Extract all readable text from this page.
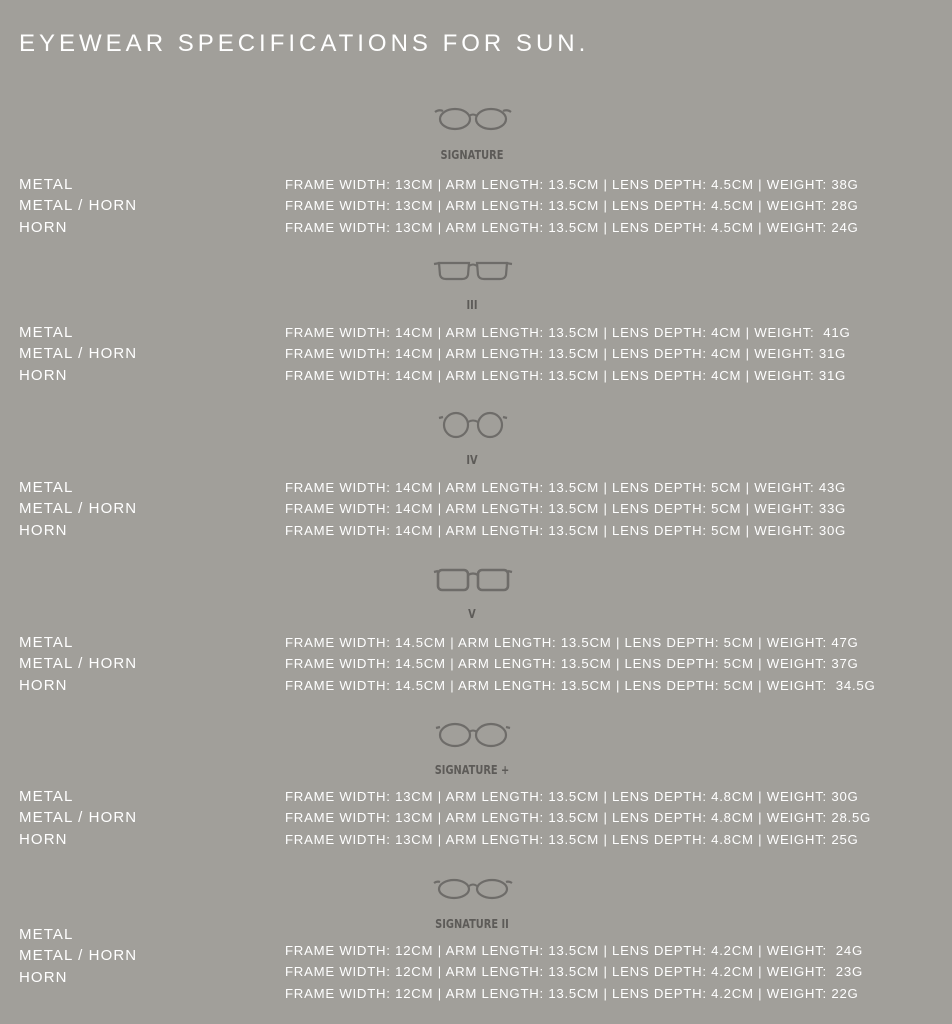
EYEWEAR SPECIFICATIONS FOR SUN.
SIGNATURE
METAL
METAL / HORN
HORN
FRAME WIDTH: 13CM | ARM LENGTH: 13.5CM | LENS DEPTH: 4.5CM | WEIGHT: 38G
FRAME WIDTH: 13CM | ARM LENGTH: 13.5CM | LENS DEPTH: 4.5CM | WEIGHT: 28G
FRAME WIDTH: 13CM | ARM LENGTH: 13.5CM | LENS DEPTH: 4.5CM | WEIGHT: 24G
III
METAL
METAL / HORN
HORN
FRAME WIDTH: 14CM | ARM LENGTH: 13.5CM | LENS DEPTH: 4CM | WEIGHT:  41G
FRAME WIDTH: 14CM | ARM LENGTH: 13.5CM | LENS DEPTH: 4CM | WEIGHT: 31G
FRAME WIDTH: 14CM | ARM LENGTH: 13.5CM | LENS DEPTH: 4CM | WEIGHT: 31G
IV
METAL
METAL / HORN
HORN
FRAME WIDTH: 14CM | ARM LENGTH: 13.5CM | LENS DEPTH: 5CM | WEIGHT: 43G
FRAME WIDTH: 14CM | ARM LENGTH: 13.5CM | LENS DEPTH: 5CM | WEIGHT: 33G
FRAME WIDTH: 14CM | ARM LENGTH: 13.5CM | LENS DEPTH: 5CM | WEIGHT: 30G
V
METAL
METAL / HORN
HORN
FRAME WIDTH: 14.5CM | ARM LENGTH: 13.5CM | LENS DEPTH: 5CM | WEIGHT: 47G
FRAME WIDTH: 14.5CM | ARM LENGTH: 13.5CM | LENS DEPTH: 5CM | WEIGHT: 37G
FRAME WIDTH: 14.5CM | ARM LENGTH: 13.5CM | LENS DEPTH: 5CM | WEIGHT:  34.5G
SIGNATURE +
METAL
METAL / HORN
HORN
FRAME WIDTH: 13CM | ARM LENGTH: 13.5CM | LENS DEPTH: 4.8CM | WEIGHT: 30G
FRAME WIDTH: 13CM | ARM LENGTH: 13.5CM | LENS DEPTH: 4.8CM | WEIGHT: 28.5G
FRAME WIDTH: 13CM | ARM LENGTH: 13.5CM | LENS DEPTH: 4.8CM | WEIGHT: 25G
SIGNATURE II
METAL
METAL / HORN
HORN
FRAME WIDTH: 12CM | ARM LENGTH: 13.5CM | LENS DEPTH: 4.2CM | WEIGHT:  24G
FRAME WIDTH: 12CM | ARM LENGTH: 13.5CM | LENS DEPTH: 4.2CM | WEIGHT:  23G
FRAME WIDTH: 12CM | ARM LENGTH: 13.5CM | LENS DEPTH: 4.2CM | WEIGHT: 22G
